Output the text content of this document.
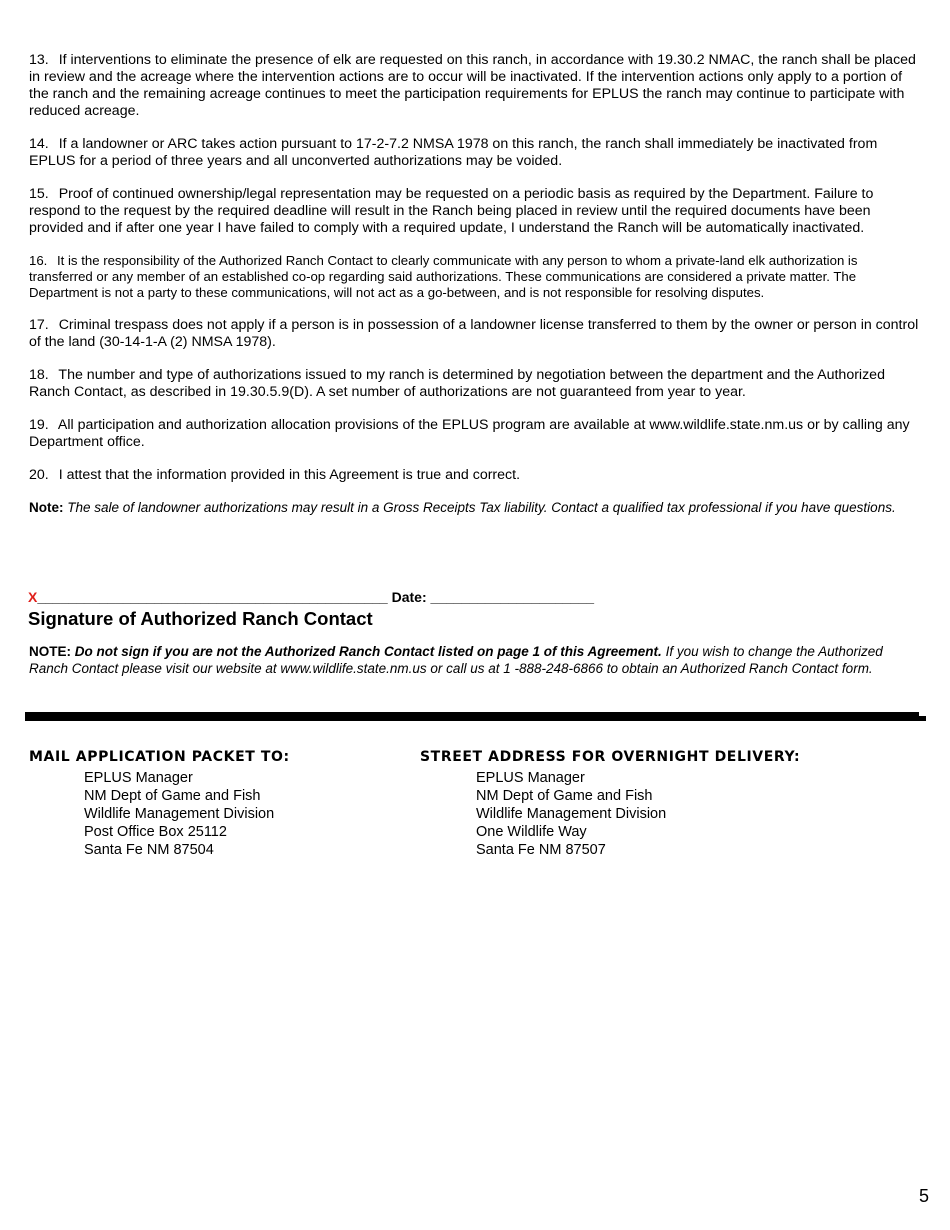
13. If interventions to eliminate the presence of elk are requested on this ranch, in accordance with 19.30.2 NMAC, the ranch shall be placed in review and the acreage where the intervention actions are to occur will be inactivated. If the intervention actions only apply to a portion of the ranch and the remaining acreage continues to meet the participation requirements for EPLUS the ranch may continue to participate with reduced acreage.

14. If a landowner or ARC takes action pursuant to 17-2-7.2 NMSA 1978 on this ranch, the ranch shall immediately be inactivated from EPLUS for a period of three years and all unconverted authorizations may be voided.

15. Proof of continued ownership/legal representation may be requested on a periodic basis as required by the Department. Failure to respond to the request by the required deadline will result in the Ranch being placed in review until the required documents have been provided and if after one year I have failed to comply with a required update, I understand the Ranch will be automatically inactivated.

16. It is the responsibility of the Authorized Ranch Contact to clearly communicate with any person to whom a private-land elk authorization is transferred or any member of an established co-op regarding said authorizations. These communications are considered a private matter. The Department is not a party to these communications, will not act as a go-between, and is not responsible for resolving disputes.

17. Criminal trespass does not apply if a person is in possession of a landowner license transferred to them by the owner or person in control of the land (30-14-1-A (2) NMSA 1978).

18. The number and type of authorizations issued to my ranch is determined by negotiation between the department and the Authorized Ranch Contact, as described in 19.30.5.9(D). A set number of authorizations are not guaranteed from year to year.

19. All participation and authorization allocation provisions of the EPLUS program are available at www.wildlife.state.nm.us or by calling any Department office.

20. I attest that the information provided in this Agreement is true and correct.

Note: The sale of landowner authorizations may result in a Gross Receipts Tax liability. Contact a qualified tax professional if you have questions.

X_____________________________________________ Date: _____________________
Signature of Authorized Ranch Contact
NOTE: Do not sign if you are not the Authorized Ranch Contact listed on page 1 of this Agreement. If you wish to change the Authorized Ranch Contact please visit our website at www.wildlife.state.nm.us or call us at 1 -888-248-6866 to obtain an Authorized Ranch Contact form.
MAIL APPLICATION PACKET TO:
EPLUS Manager
NM Dept of Game and Fish
Wildlife Management Division
Post Office Box 25112
Santa Fe NM 87504
STREET ADDRESS FOR OVERNIGHT DELIVERY:
EPLUS Manager
NM Dept of Game and Fish
Wildlife Management Division
One Wildlife Way
Santa Fe NM 87507
5
